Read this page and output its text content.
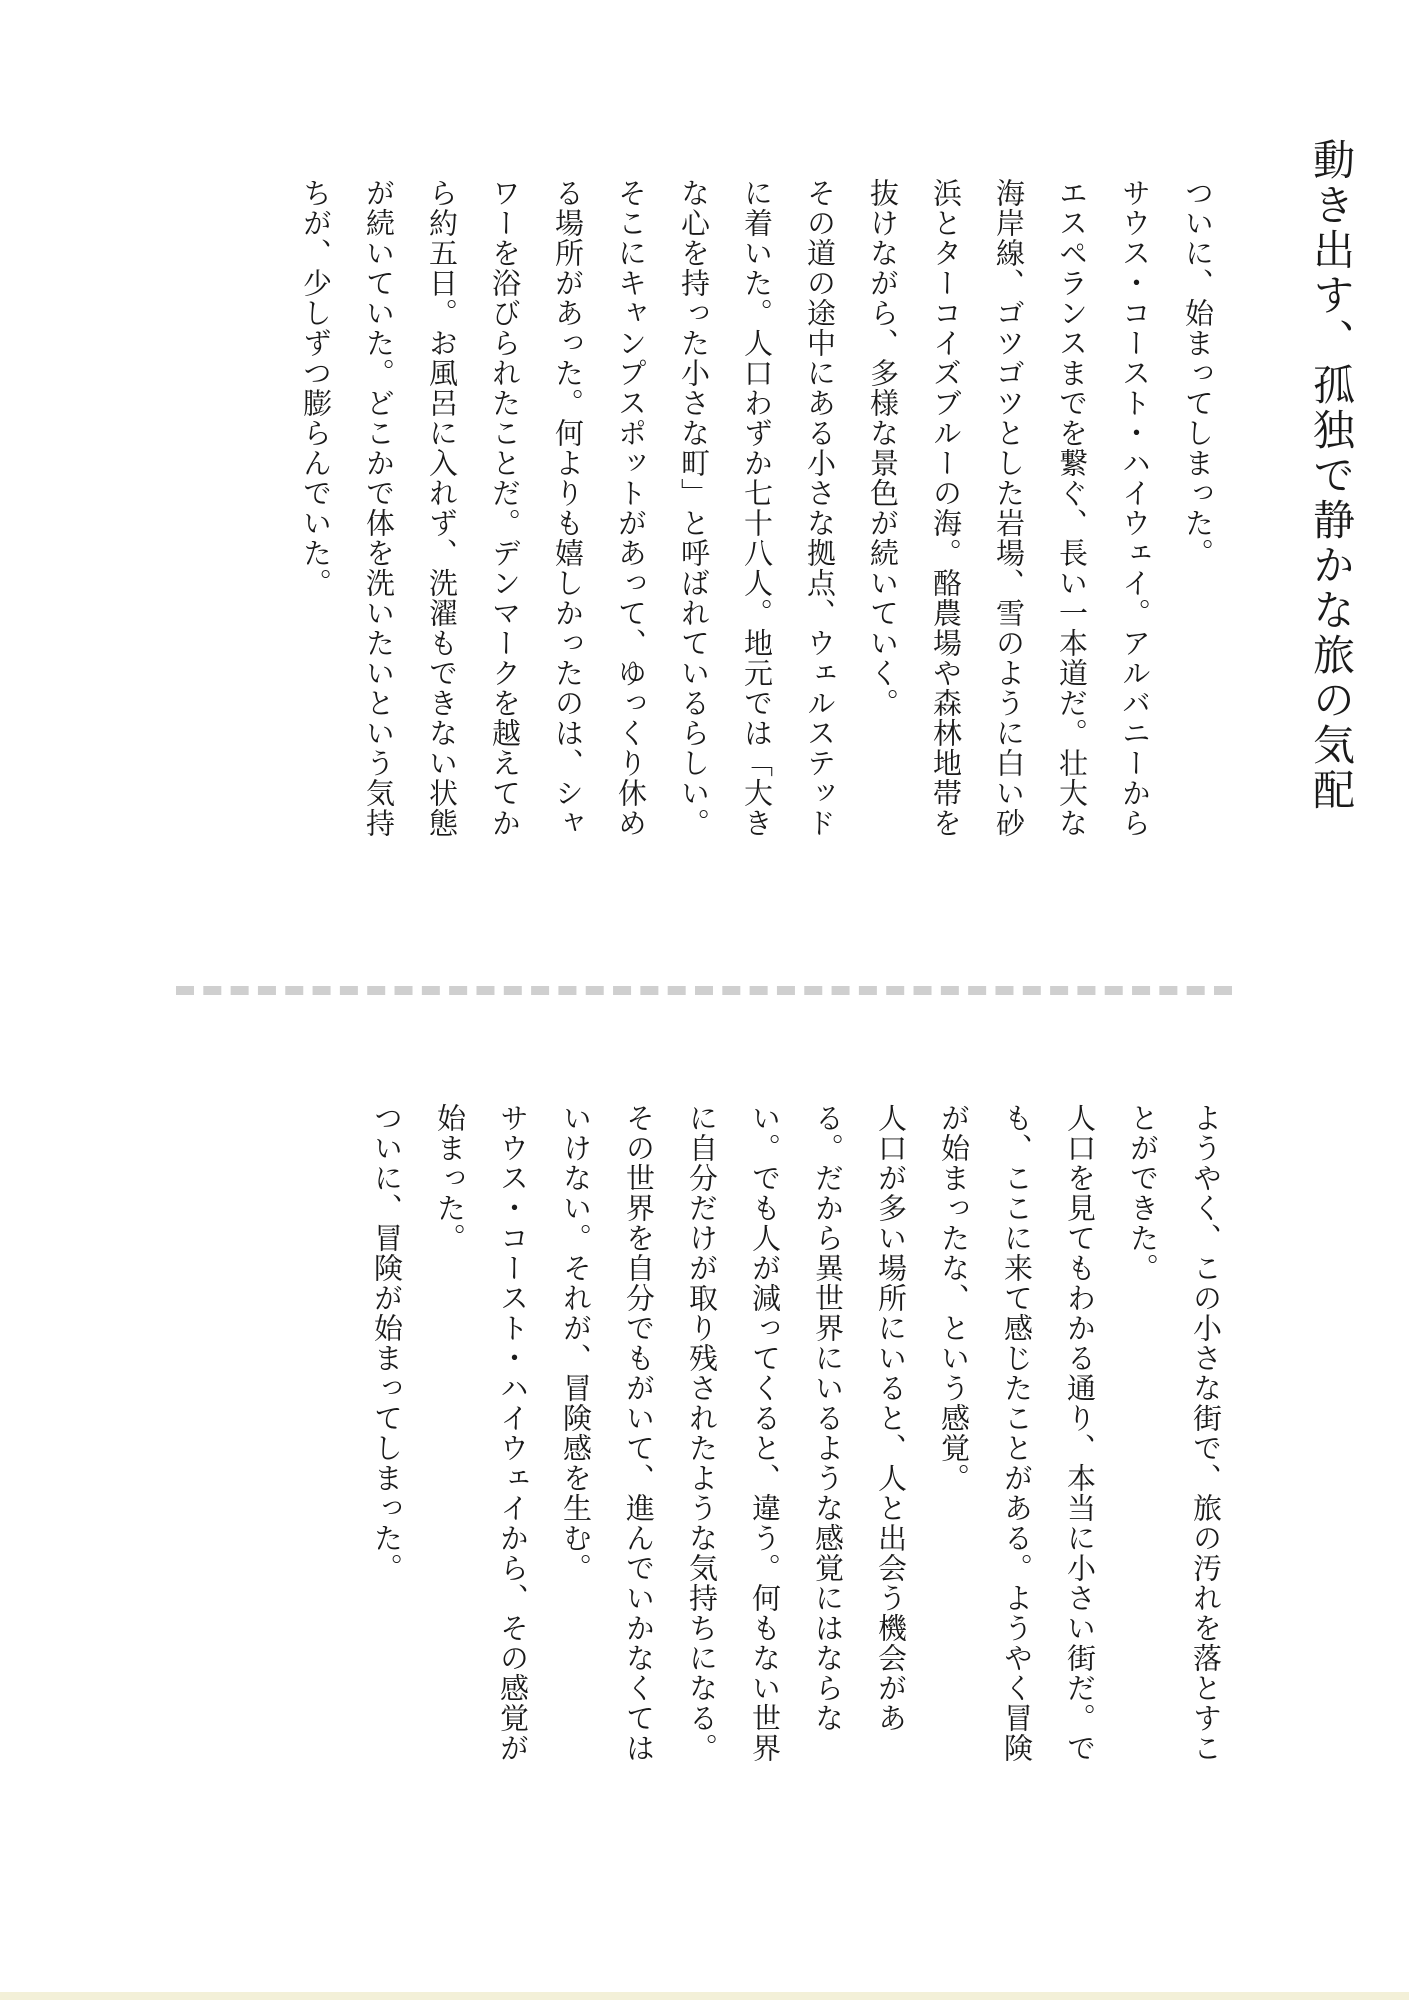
動き出す、孤独で静かな旅の気配
ついに、始まってしまった。
サウス・コースト・ハイウェイ。アルバニーから
エスペランスまでを繋ぐ、長い一本道だ。壮大な
海岸線、ゴツゴツとした岩場、雪のように白い砂
浜とターコイズブルーの海。酪農場や森林地帯を
抜けながら、多様な景色が続いていく。
その道の途中にある小さな拠点、ウェルステッド
に着いた。人口わずか七十八人。地元では「大き
な心を持った小さな町」と呼ばれているらしい。
そこにキャンプスポットがあって、ゆっくり休め
る場所があった。何よりも嬉しかったのは、シャ
ワーを浴びられたことだ。デンマークを越えてか
ら約五日。お風呂に入れず、洗濯もできない状態
が続いていた。どこかで体を洗いたいという気持
ちが、少しずつ膨らんでいた。
ようやく、この小さな街で、旅の汚れを落とすこ
とができた。
人口を見てもわかる通り、本当に小さい街だ。で
も、ここに来て感じたことがある。ようやく冒険
が始まったな、という感覚。
人口が多い場所にいると、人と出会う機会があ
る。だから異世界にいるような感覚にはならな
い。でも人が減ってくると、違う。何もない世界
に自分だけが取り残されたような気持ちになる。
その世界を自分でもがいて、進んでいかなくては
いけない。それが、冒険感を生む。
サウス・コースト・ハイウェイから、その感覚が
始まった。
ついに、冒険が始まってしまった。
